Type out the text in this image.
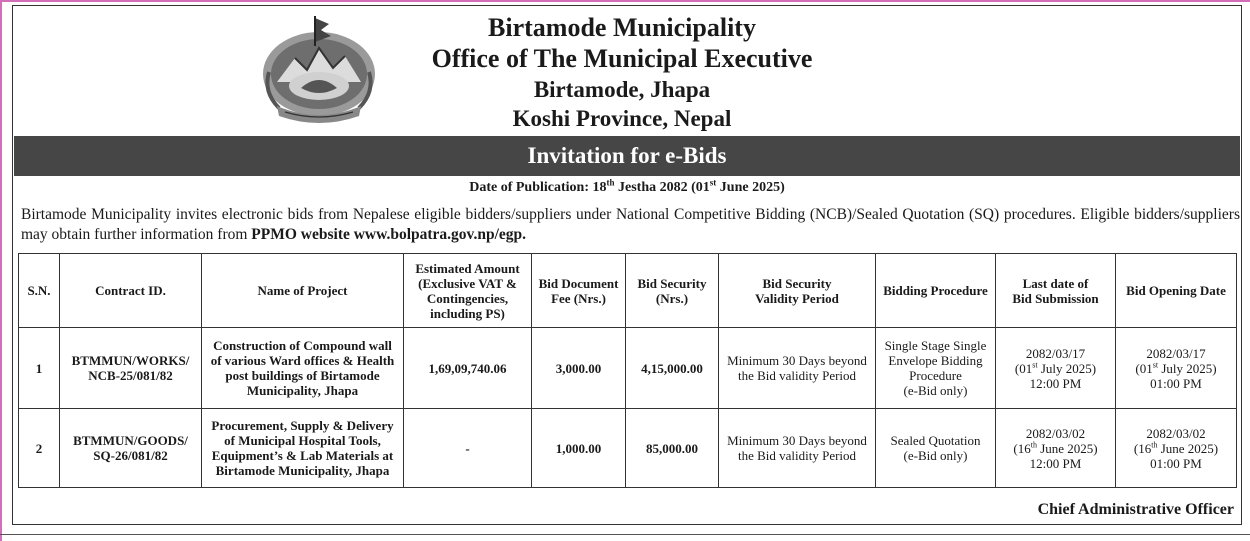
Birtamode Municipality
Office of The Municipal Executive
Birtamode, Jhapa
Koshi Province, Nepal
Invitation for e-Bids
Date of Publication: 18th Jestha 2082 (01st June 2025)
Birtamode Municipality invites electronic bids from Nepalese eligible bidders/suppliers under National Competitive Bidding (NCB)/Sealed Quotation (SQ) procedures. Eligible bidders/suppliers may obtain further information from PPMO website www.bolpatra.gov.np/egp.
S.N.	Contract ID.	Name of Project	Estimated Amount
(Exclusive VAT &
Contingencies,
including PS)	Bid Document
Fee (Nrs.)	Bid Security
(Nrs.)	Bid Security
Validity Period	Bidding Procedure	Last date of
Bid Submission	Bid Opening Date
1	BTMMUN/WORKS/
NCB-25/081/82	Construction of Compound wall
of various Ward offices & Health
post buildings of Birtamode
Municipality, Jhapa	1,69,09,740.06	3,000.00	4,15,000.00	Minimum 30 Days beyond
the Bid validity Period	Single Stage Single
Envelope Bidding
Procedure
(e-Bid only)	2082/03/17
(01st July 2025)
12:00 PM	2082/03/17
(01st July 2025)
01:00 PM

2	BTMMUN/GOODS/
SQ-26/081/82	Procurement, Supply & Delivery
of Municipal Hospital Tools,
Equipment’s & Lab Materials at
Birtamode Municipality, Jhapa	-	1,000.00	85,000.00	Minimum 30 Days beyond
the Bid validity Period	Sealed Quotation
(e-Bid only)	2082/03/02
(16th June 2025)
12:00 PM	2082/03/02
(16th June 2025)
01:00 PM
Chief Administrative Officer
